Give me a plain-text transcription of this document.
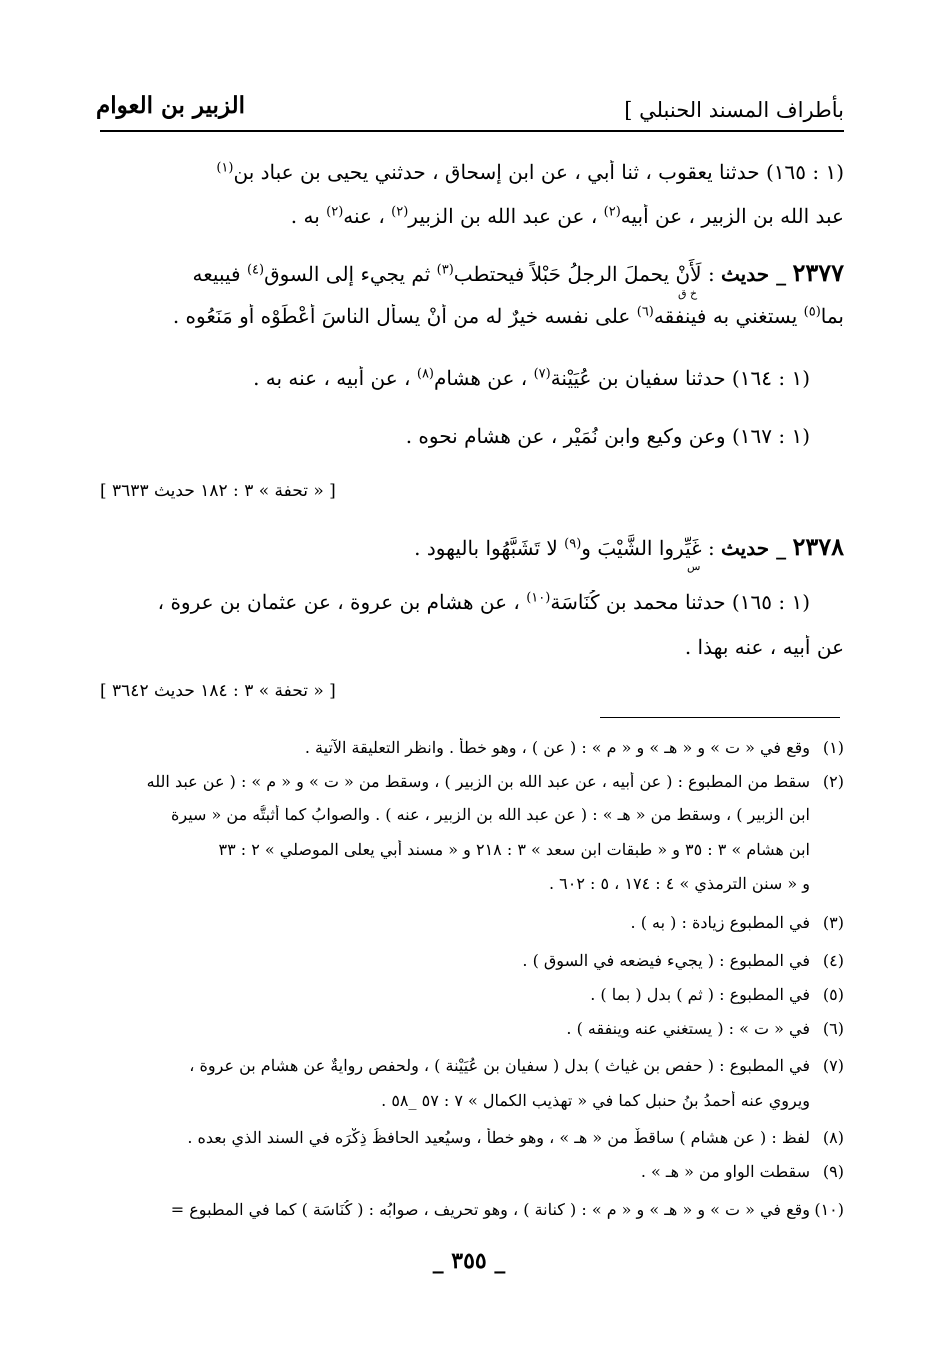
بأطراف المسند الحنبلي ]
الزبير بن العوام
(١ : ١٦٥) حدثنا يعقوب ، ثنا أبي ، عن ابن إسحاق ، حدثني يحيى بن عباد بن$^{(١)}$
عبد الله بن الزبير ، عن أبيه$^{(٢)}$ ، عن عبد الله بن الزبير$^{(٢)}$ ، عنه$^{(٢)}$ به .
٢٣٧٧ _ حديث : لَأَنْ يحملَ الرجلُ حَبْلاً فيحتطب$^{(٣)}$ ثم يجيء إلى السوق$^{(٤)}$ فيبيعه
خ ق
بما$^{(٥)}$ يستغني به فينفقه$^{(٦)}$ على نفسه خيرٌ له من أنْ يسأل الناسَ أَعْطَوْه أو مَنَعُوه .
(١ : ١٦٤) حدثنا سفيان بن عُيَيْنة$^{(٧)}$ ، عن هشام$^{(٨)}$ ، عن أبيه ، عنه به .
(١ : ١٦٧) وعن وكيع وابن نُمَيْر ، عن هشام نحوه .
[ « تحفة » ٣ : ١٨٢ حديث ٣٦٣٣ ]
٢٣٧٨ _ حديث : غَيِّروا الشَّيْبَ و$^{(٩)}$ لا تَشَبَّهُوا باليهود .
س
(١ : ١٦٥) حدثنا محمد بن كُنَاسَة$^{(١٠)}$ ، عن هشام بن عروة ، عن عثمان بن عروة ،
عن أبيه ، عنه بهذا .
[ « تحفة » ٣ : ١٨٤ حديث ٣٦٤٢ ]
(١)وقع في « ت » و « هـ » و « م » : ( عن ) ، وهو خطأ . وانظر التعليقة الآتية .
(٢)سقط من المطبوع : ( عن أبيه ، عن عبد الله بن الزبير ) ، وسقط من « ت » و « م » : ( عن عبد الله
ابن الزبير ) ، وسقط من « هـ » : ( عن عبد الله بن الزبير ، عنه ) . والصوابُ كما أثبتُّه من « سيرة
ابن هشام » ٣ : ٣٥ و « طبقات ابن سعد » ٣ : ٢١٨ و « مسند أبي يعلى الموصلي » ٢ : ٣٣
و « سنن الترمذي » ٤ : ١٧٤ ، ٥ : ٦٠٢ .
(٣)في المطبوع زيادة : ( به ) .
(٤)في المطبوع : ( يجيء فيضعه في السوق ) .
(٥)في المطبوع : ( ثم ) بدل ( بما ) .
(٦)في « ت » : ( يستغني عنه وينفقه ) .
(٧)في المطبوع : ( حفص بن غياث ) بدل ( سفيان بن عُيَيْنة ) ، ولحفص روايةٌ عن هشام بن عروة ،
ويروي عنه أحمدُ بنُ حنبل كما في « تهذيب الكمال » ٧ : ٥٧ _٥٨ .
(٨)لفظ : ( عن هشام ) ساقطٌ من « هـ » ، وهو خطأ ، وسيُعيد الحافظُ ذِكْرَه في السند الذي بعده .
(٩)سقطت الواو من « هـ » .
(١٠)وقع في « ت » و « هـ » و « م » : ( كنانة ) ، وهو تحريف ، صوابُه : ( كُنَاسَة ) كما في المطبوع =
_ ٣٥٥ _
